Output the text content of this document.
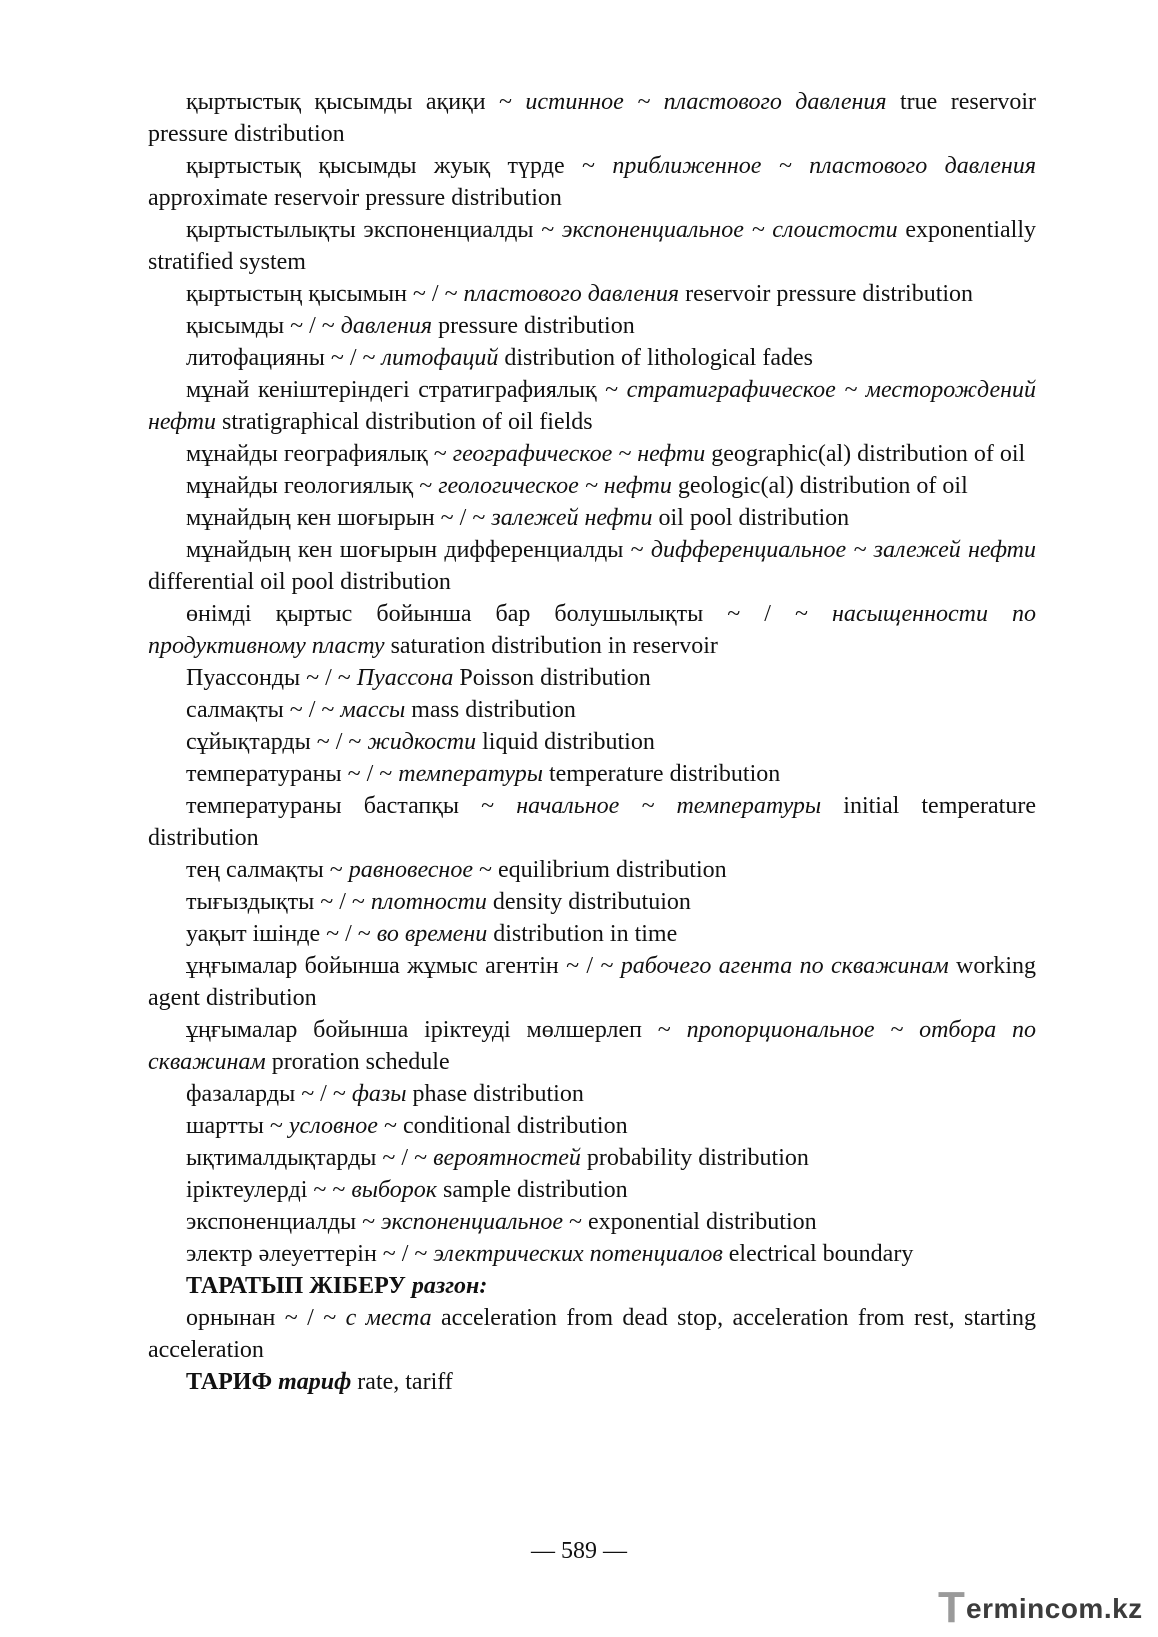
қыртыстық қысымды ақиқи ~ истинное ~ пластового давления true reservoir pressure distribution

қыртыстық қысымды жуық түрде ~ приближенное ~ пластового давления approximate reservoir pressure distribution

қыртыстылықты экспоненциалды ~ экспоненциальное ~ слоистости exponentially stratified system

қыртыстың қысымын ~ / ~ пластового давления reservoir pressure distribution

қысымды ~ / ~ давления pressure distribution

литофацияны ~ / ~ литофаций distribution of lithological fades

мұнай кеніштеріндегі стратиграфиялық ~ стратиграфическое ~ месторождений нефти stratigraphical distribution of oil fields

мұнайды географиялық ~ географическое ~ нефти geographic(al) distribution of oil

мұнайды геологиялық ~ геологическое ~ нефти geologic(al) distribution of oil

мұнайдың кен шоғырын ~ / ~ залежей нефти oil pool distribution

мұнайдың кен шоғырын дифференциалды ~ дифференциальное ~ залежей нефти differential oil pool distribution

өнімді қыртыс бойынша бар болушылықты ~ / ~ насыщенности по продуктивному пласту saturation distribution in reservoir

Пуассонды ~ / ~ Пуассона Poisson distribution

салмақты ~ / ~ массы mass distribution

сұйықтарды ~ / ~ жидкости liquid distribution

температураны ~ / ~ температуры temperature distribution

температураны бастапқы ~ начальное ~ температуры initial temperature distribution

тең салмақты ~ равновесное ~ equilibrium distribution

тығыздықты ~ / ~ плотности density distributuion

уақыт ішінде ~ / ~ во времени distribution in time

ұңғымалар бойынша жұмыс агентін ~ / ~ рабочего агента по скважинам working agent distribution

ұңғымалар бойынша іріктеуді мөлшерлеп ~ пропорциональное ~ отбора по скважинам proration schedule

фазаларды ~ / ~ фазы phase distribution

шартты ~ условное ~ conditional distribution

ықтималдықтарды ~ / ~ вероятностей probability distribution

іріктеулерді ~ ~ выборок sample distribution

экспоненциалды ~ экспоненциальное ~ exponential distribution

электр әлеуеттерін ~ / ~ электрических потенциалов electrical boundary

ТАРАТЫП ЖІБЕРУ разгон:

орнынан ~ / ~ с места acceleration from dead stop, acceleration from rest, starting acceleration

ТАРИФ тариф rate, tariff

— 589 —
T ermincom.kz
